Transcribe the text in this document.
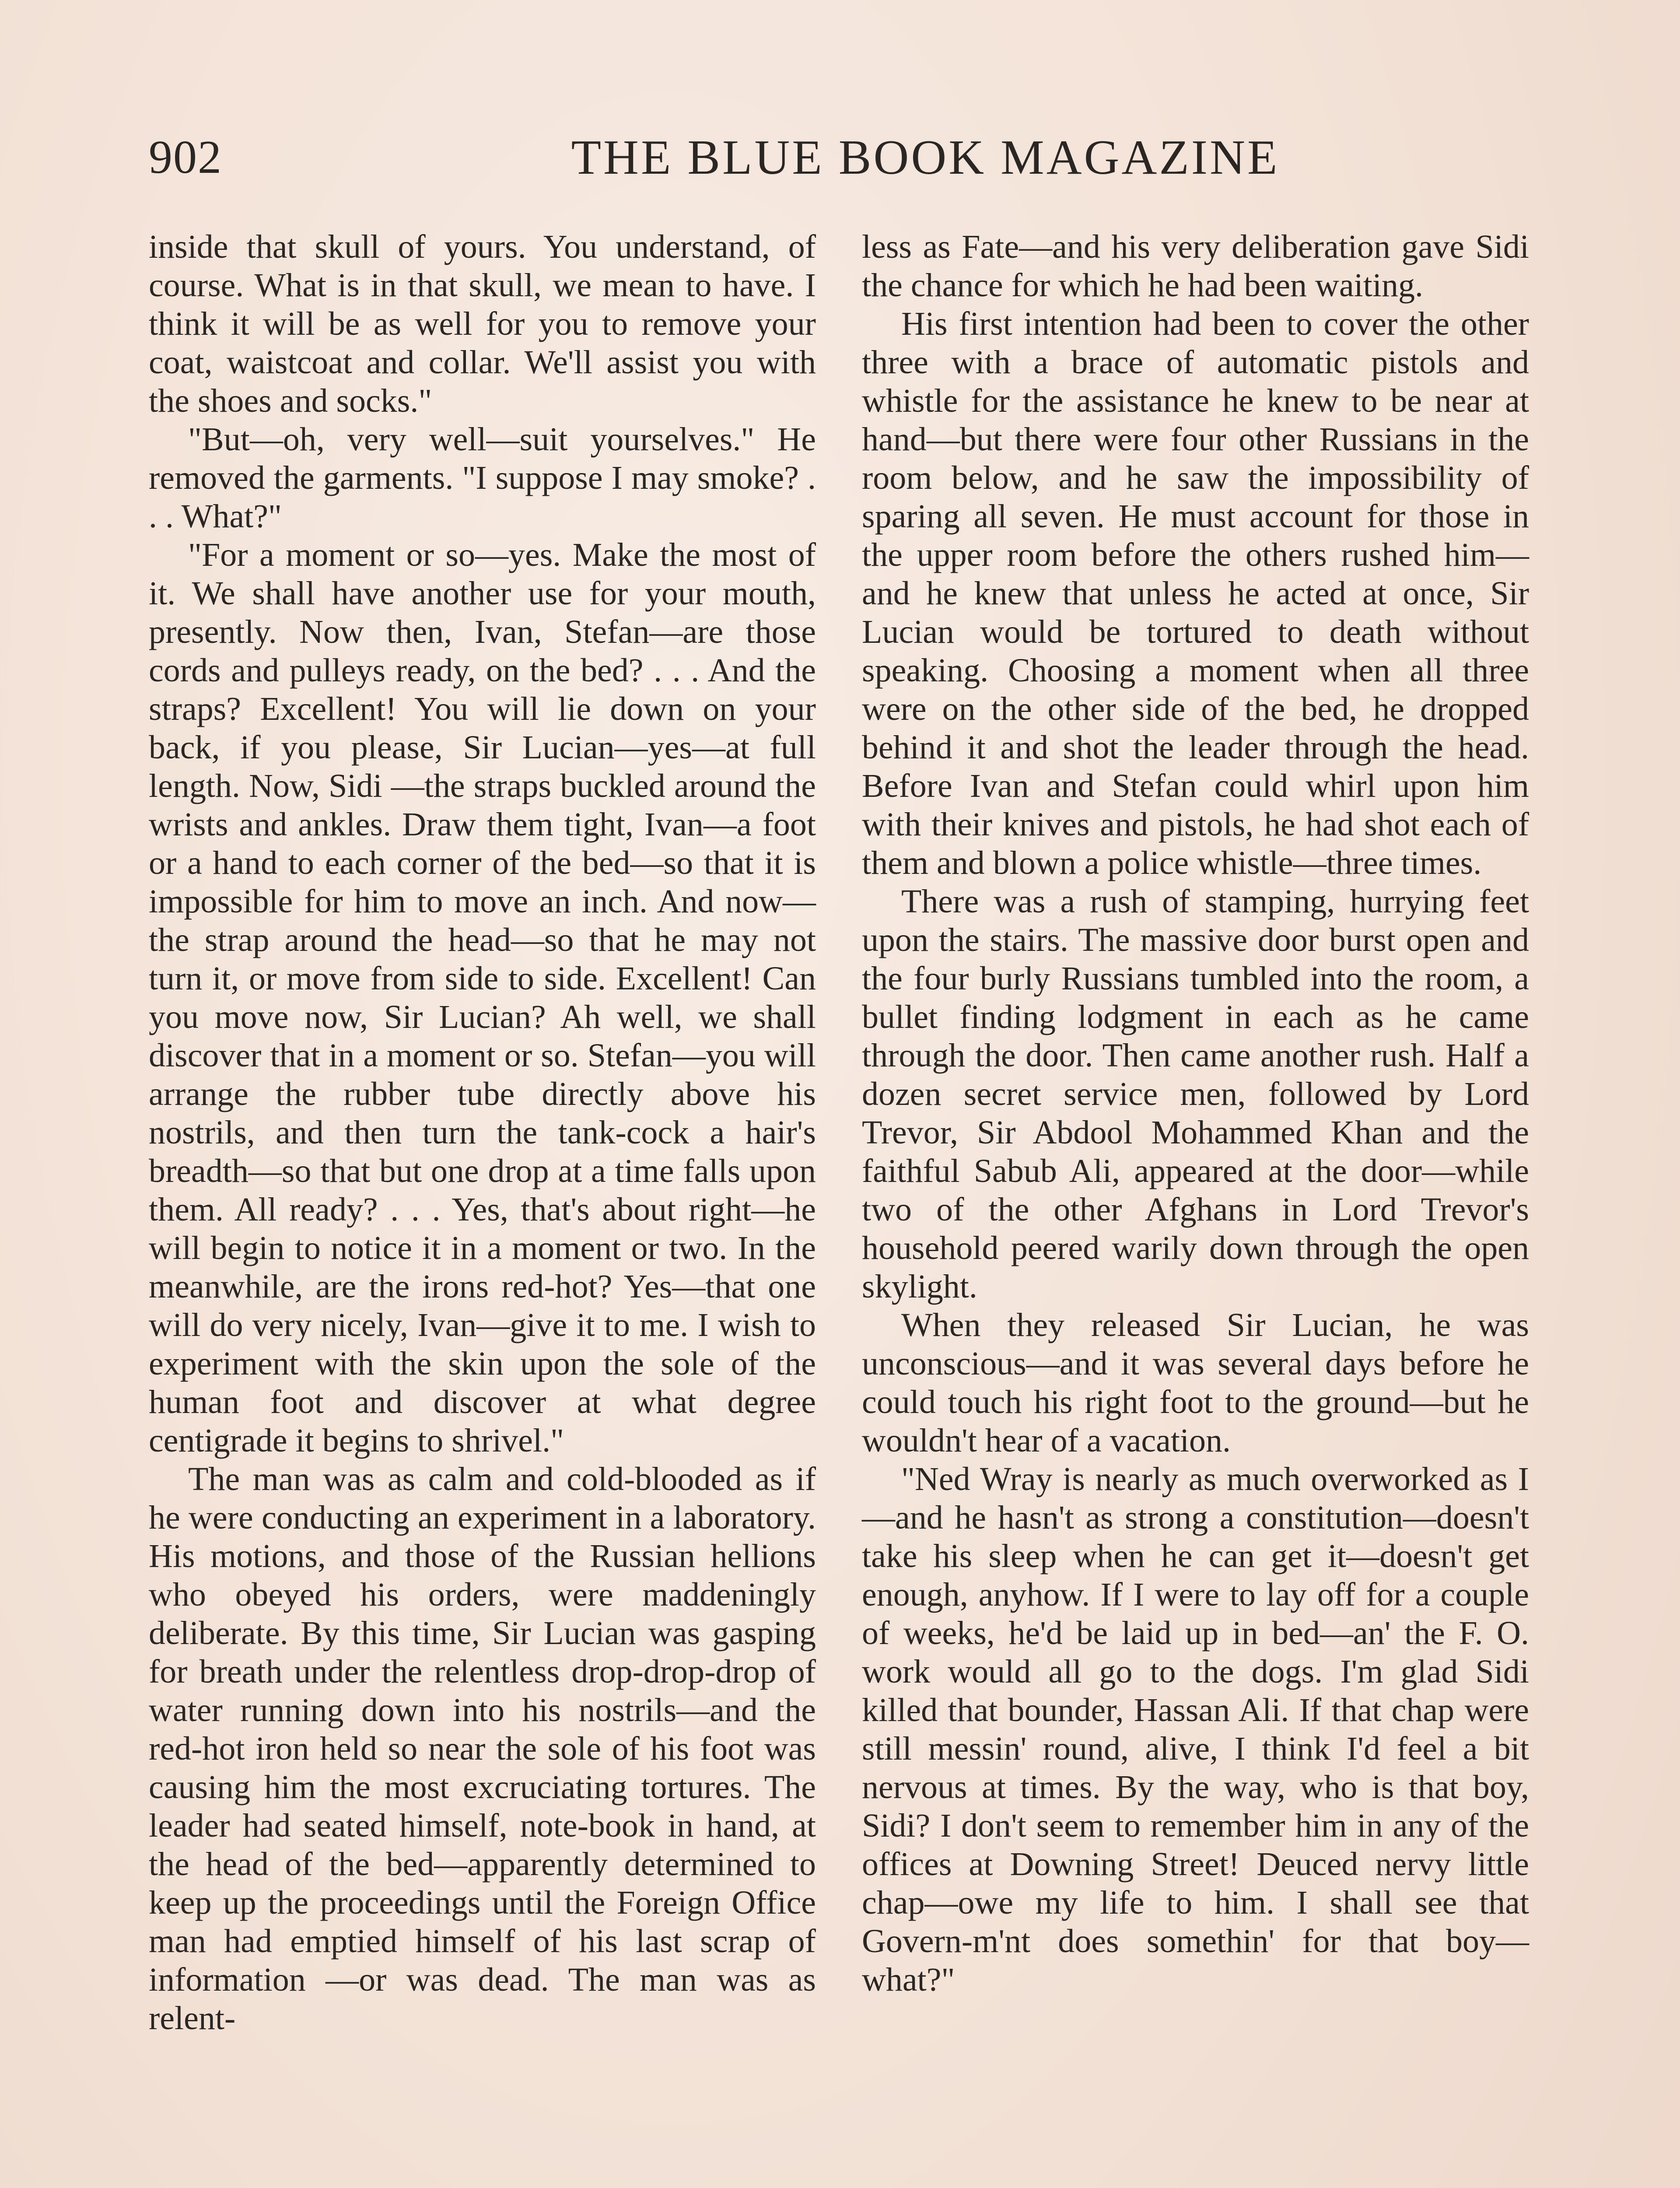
902	THE BLUE BOOK MAGAZINE

inside that skull of yours. You understand, of course. What is in that skull, we mean to have. I think it will be as well for you to remove your coat, waistcoat and collar. We'll assist you with the shoes and socks."

"But—oh, very well—suit yourselves." He removed the garments. "I suppose I may smoke? . . . What?"

"For a moment or so—yes. Make the most of it. We shall have another use for your mouth, presently. Now then, Ivan, Stefan—are those cords and pulleys ready, on the bed? . . . And the straps? Excellent! You will lie down on your back, if you please, Sir Lucian—yes—at full length. Now, Sidi —the straps buckled around the wrists and ankles. Draw them tight, Ivan—a foot or a hand to each corner of the bed—so that it is impossible for him to move an inch. And now—the strap around the head—so that he may not turn it, or move from side to side. Excellent! Can you move now, Sir Lucian? Ah well, we shall discover that in a moment or so. Stefan—you will arrange the rubber tube directly above his nostrils, and then turn the tank-cock a hair's breadth—so that but one drop at a time falls upon them. All ready? . . . Yes, that's about right—he will begin to notice it in a moment or two. In the meanwhile, are the irons red-hot? Yes—that one will do very nicely, Ivan—give it to me. I wish to experiment with the skin upon the sole of the human foot and discover at what degree centigrade it begins to shrivel."

The man was as calm and cold-blooded as if he were conducting an experiment in a laboratory. His motions, and those of the Russian hellions who obeyed his orders, were maddeningly deliberate. By this time, Sir Lucian was gasping for breath under the relentless drop-drop-drop of water running down into his nostrils—and the red-hot iron held so near the sole of his foot was causing him the most excruciating tortures. The leader had seated himself, note-book in hand, at the head of the bed—apparently determined to keep up the proceedings until the Foreign Office man had emptied himself of his last scrap of information —or was dead. The man was as relent-

less as Fate—and his very deliberation gave Sidi the chance for which he had been waiting.

His first intention had been to cover the other three with a brace of automatic pistols and whistle for the assistance he knew to be near at hand—but there were four other Russians in the room below, and he saw the impossibility of sparing all seven. He must account for those in the upper room before the others rushed him—and he knew that unless he acted at once, Sir Lucian would be tortured to death without speaking. Choosing a moment when all three were on the other side of the bed, he dropped behind it and shot the leader through the head. Before Ivan and Stefan could whirl upon him with their knives and pistols, he had shot each of them and blown a police whistle—three times.

There was a rush of stamping, hurrying feet upon the stairs. The massive door burst open and the four burly Russians tumbled into the room, a bullet finding lodgment in each as he came through the door. Then came another rush. Half a dozen secret service men, followed by Lord Trevor, Sir Abdool Mohammed Khan and the faithful Sabub Ali, appeared at the door—while two of the other Afghans in Lord Trevor's household peered warily down through the open skylight.

When they released Sir Lucian, he was unconscious—and it was several days before he could touch his right foot to the ground—but he wouldn't hear of a vacation.

"Ned Wray is nearly as much overworked as I—and he hasn't as strong a constitution—doesn't take his sleep when he can get it—doesn't get enough, anyhow. If I were to lay off for a couple of weeks, he'd be laid up in bed—an' the F. O. work would all go to the dogs. I'm glad Sidi killed that bounder, Hassan Ali. If that chap were still messin' round, alive, I think I'd feel a bit nervous at times. By the way, who is that boy, Sidi? I don't seem to remember him in any of the offices at Downing Street! Deuced nervy little chap—owe my life to him. I shall see that Govern-m'nt does somethin' for that boy— what?"
